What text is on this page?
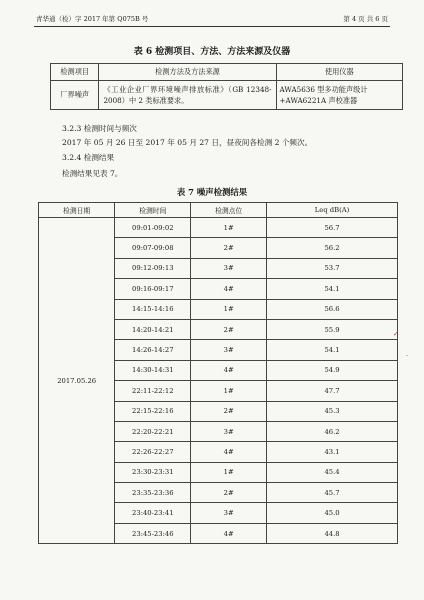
青华通（检）字 2017 年第 Q075B 号	第 4 页 共 6 页
表 6 检测项目、方法、方法来源及仪器
检测项目	检测方法及方法来源	使用仪器
厂界噪声	《工业企业厂界环境噪声排放标准》（GB 12348-2008）中 2 类标准要求。	AWA5636 型多功能声级计+AWA6221A 声校准器
3.2.3 检测时间与频次
2017 年 05 月 26 日至 2017 年 05 月 27 日，昼夜间各检测 2 个频次。
3.2.4 检测结果
检测结果见表 7。
表 7 噪声检测结果
检测日期	检测时间	检测点位	Leq dB(A)
2017.05.26	09:01-09:02	1#	56.7
	09:07-09:08	2#	56.2
	09:12-09:13	3#	53.7
	09:16-09:17	4#	54.1
	14:15-14:16	1#	56.6
	14:20-14:21	2#	55.9
	14:26-14:27	3#	54.1
	14:30-14:31	4#	54.9
	22:11-22:12	1#	47.7
	22:15-22:16	2#	45.3
	22:20-22:21	3#	46.2
	22:26-22:27	4#	43.1
	23:30-23:31	1#	45.4
	23:35-23:36	2#	45.7
	23:40-23:41	3#	45.0
	23:45-23:46	4#	44.8
✓
·
